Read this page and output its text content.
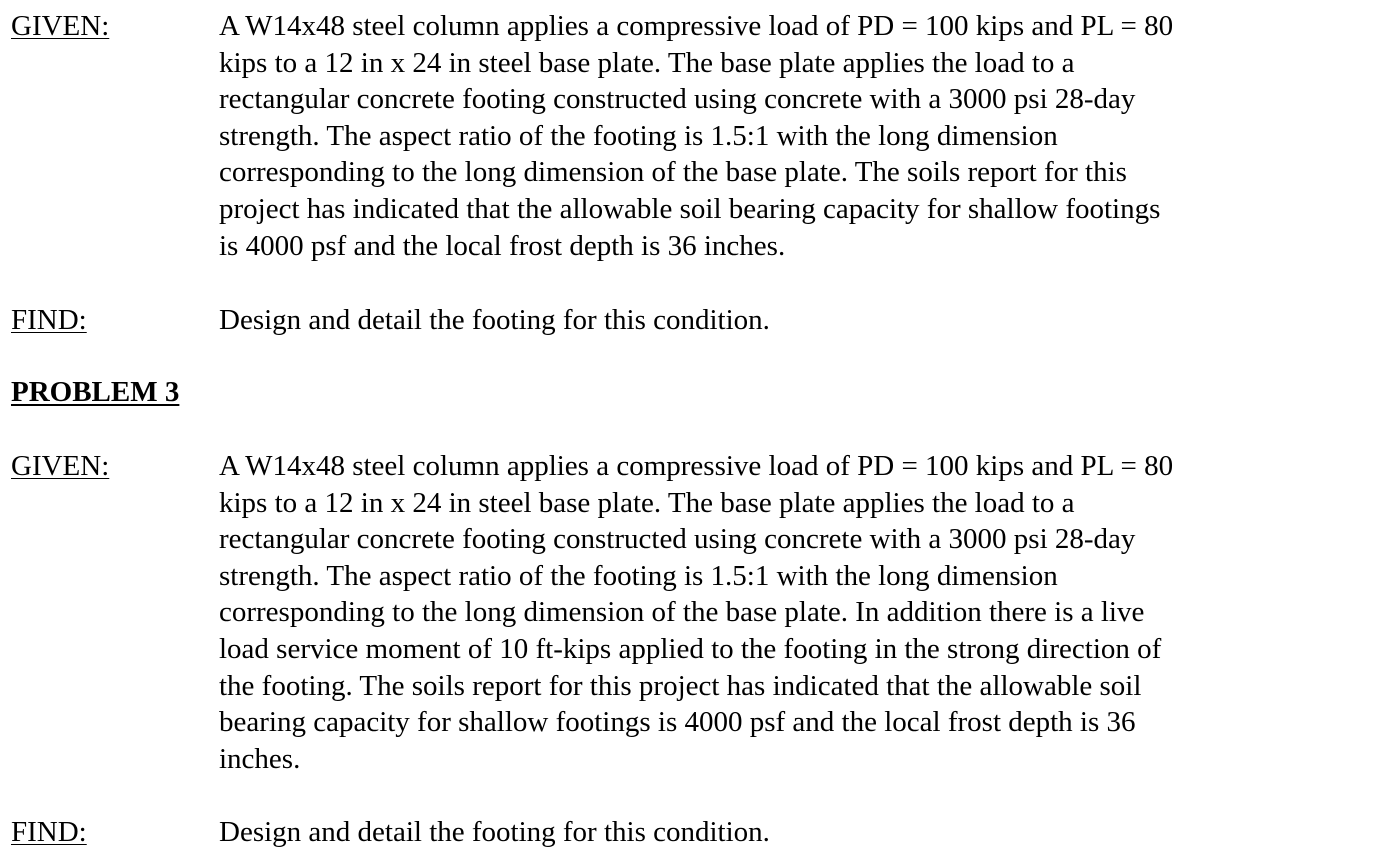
GIVEN:	A W14x48 steel column applies a compressive load of PD = 100 kips and PL = 80
kips to a 12 in x 24 in steel base plate. The base plate applies the load to a
rectangular concrete footing constructed using concrete with a 3000 psi 28-day
strength. The aspect ratio of the footing is 1.5:1 with the long dimension
corresponding to the long dimension of the base plate. The soils report for this
project has indicated that the allowable soil bearing capacity for shallow footings
is 4000 psf and the local frost depth is 36 inches.
FIND:	Design and detail the footing for this condition.
PROBLEM 3
GIVEN:	A W14x48 steel column applies a compressive load of PD = 100 kips and PL = 80
kips to a 12 in x 24 in steel base plate. The base plate applies the load to a
rectangular concrete footing constructed using concrete with a 3000 psi 28-day
strength. The aspect ratio of the footing is 1.5:1 with the long dimension
corresponding to the long dimension of the base plate. In addition there is a live
load service moment of 10 ft-kips applied to the footing in the strong direction of
the footing. The soils report for this project has indicated that the allowable soil
bearing capacity for shallow footings is 4000 psf and the local frost depth is 36
inches.
FIND:	Design and detail the footing for this condition.
